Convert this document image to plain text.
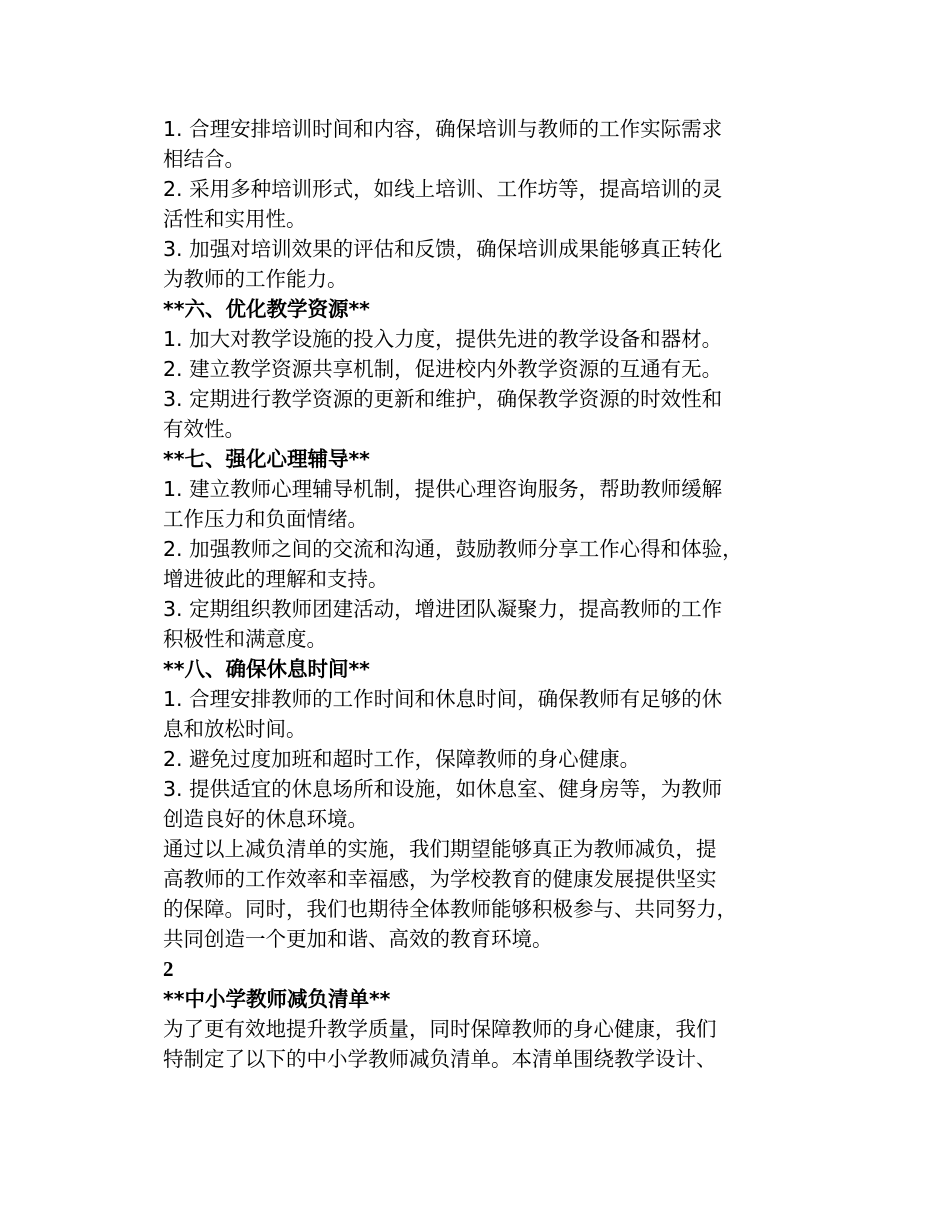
1. 合理安排培训时间和内容，确保培训与教师的工作实际需求
相结合。
2. 采用多种培训形式，如线上培训、工作坊等，提高培训的灵
活性和实用性。
3. 加强对培训效果的评估和反馈，确保培训成果能够真正转化
为教师的工作能力。
**六、优化教学资源**
1. 加大对教学设施的投入力度，提供先进的教学设备和器材。
2. 建立教学资源共享机制，促进校内外教学资源的互通有无。
3. 定期进行教学资源的更新和维护，确保教学资源的时效性和
有效性。
**七、强化心理辅导**
1. 建立教师心理辅导机制，提供心理咨询服务，帮助教师缓解
工作压力和负面情绪。
2. 加强教师之间的交流和沟通，鼓励教师分享工作心得和体验，
增进彼此的理解和支持。
3. 定期组织教师团建活动，增进团队凝聚力，提高教师的工作
积极性和满意度。
**八、确保休息时间**
1. 合理安排教师的工作时间和休息时间，确保教师有足够的休
息和放松时间。
2. 避免过度加班和超时工作，保障教师的身心健康。
3. 提供适宜的休息场所和设施，如休息室、健身房等，为教师
创造良好的休息环境。
通过以上减负清单的实施，我们期望能够真正为教师减负，提
高教师的工作效率和幸福感，为学校教育的健康发展提供坚实
的保障。同时，我们也期待全体教师能够积极参与、共同努力，
共同创造一个更加和谐、高效的教育环境。
2
**中小学教师减负清单**
为了更有效地提升教学质量，同时保障教师的身心健康，我们
特制定了以下的中小学教师减负清单。本清单围绕教学设计、
